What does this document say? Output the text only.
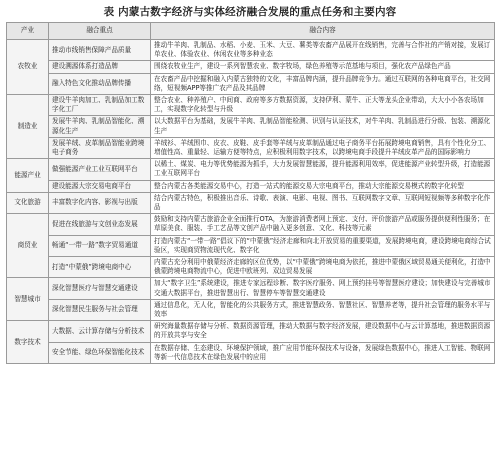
表 内蒙古数字经济与实体经济融合发展的重点任务和主要内容
产业	融合重点	融合内容
农牧业	推动市线销售保障产品质量	推动牛羊肉、乳制品、水稻、小麦、玉米、大豆、薯类等农畜产品展开在线销售，完善与合作社的产销对接，发展订单农业、体验农业、休闲农业等多种业态
	建设溯源体系打造品牌	围绕农牧业生产，建设一系列智慧农业、数字牧场，绿色养殖等示范基地与项目，强化农产品绿色产品
	融入特色文化推动品牌传播	在农畜产品中挖掘和融入内蒙古独特的文化，丰富品牌内涵，提升品牌竞争力。通过互联网的各种电商平台，社交网络，短视频APP等推广农产品及其品牌
制造业	建设牛羊肉加工、乳制品加工数字化工厂	整合农业、种养殖户、中间商、政府等多方数据资源，支持伊利、蒙牛、正大等龙头企业带动，大大小小各农场加工，实现数字化转型与升级
	发展牛羊肉、乳制品智能化、溯源化生产	以大数据平台为基础，发展牛羊肉、乳制品智能检测、识别与认证技术，对牛羊肉、乳制品进行分级、包装、溯源化生产
	发展羊绒、皮革制品智能业跨境电子商务	羊绒衫、羊绒围巾、皮衣、皮鞋、皮手套等羊绒与皮革制品通过电子商务平台拓展跨境电商销售，具有个性化分工、增值性高、重量轻、运输方便等特点，应积极利用数字技术，以跨境电商手段提升羊绒皮革产品的国际影响力
能源产业	做强能源产业工业互联网平台	以稀土、煤炭、电力等优势能源为抓手，大力发展智慧能源，提升能源利用效率，促进能源产业转型升级，打造能源工业互联网平台
	建设能源大宗交易电商平台	整合内蒙古各类能源交易中心，打造一站式的能源交易大宗电商平台，推动大宗能源交易模式的数字化转型
文化旅游	丰富数字化内容、影视与出版	结合内蒙古特色，积极推出音乐、诗歌、表演、电影、电视、图书、互联网数字文章、互联网短视频等多种数字化作品
商贸业	促进在线旅游与文创业态发展	鼓励和支持内蒙古旅游企业全面推行OTA，为旅游消费者网上预定、支付、评价旅游产品或服务提供便利性服务；在草原美食、服装、手工艺品等文创产品中融入更多创意、文化、科技等元素
	畅通“一带一路”数字贸易通道	打造内蒙古“一带一路”倡议下的“中蒙俄”经济走廊和向北开放贸易的重要渠道，发展跨境电商，建设跨境电商综合试验区，实现商贸物流现代化、数字化
	打造“中蒙俄”跨境电商中心	内蒙古充分利用中俄蒙经济走廊的区位优势，以“中蒙俄”跨境电商为依托，推进中蒙俄区域贸易通关便利化，打造中俄蒙跨境电商物流中心，促进中欧班列、双边贸易发展
智慧城市	深化智慧医疗与智慧交通建设	加大“数字卫生”系统建设，推进专家远程诊断、数字医疗服务、网上预约挂号等智慧医疗建设；加快建设与完善城市交通大数据平台，推进智慧出行、智慧停车等智慧交通建设
	深化智慧民生服务与社会管理	通过信息化，无人化，智能化的公共服务方式，推进智慧政务、智慧社区、智慧养老等，提升社会管理的服务水平与效率
数字技术	大数据、云计算存储与分析技术	研究海量数据存储与分析、数据资源管理，推动大数据与数字经济发展，建设数据中心与云计算基地，推进数据资源的开放共享与安全
	安全节能、绿色环保智能化技术	在数据存储、生态建设、环境保护领域，推广应用节能环保技术与设备，发展绿色数据中心，推进人工智能、物联网等新一代信息技术在绿色发展中的应用
